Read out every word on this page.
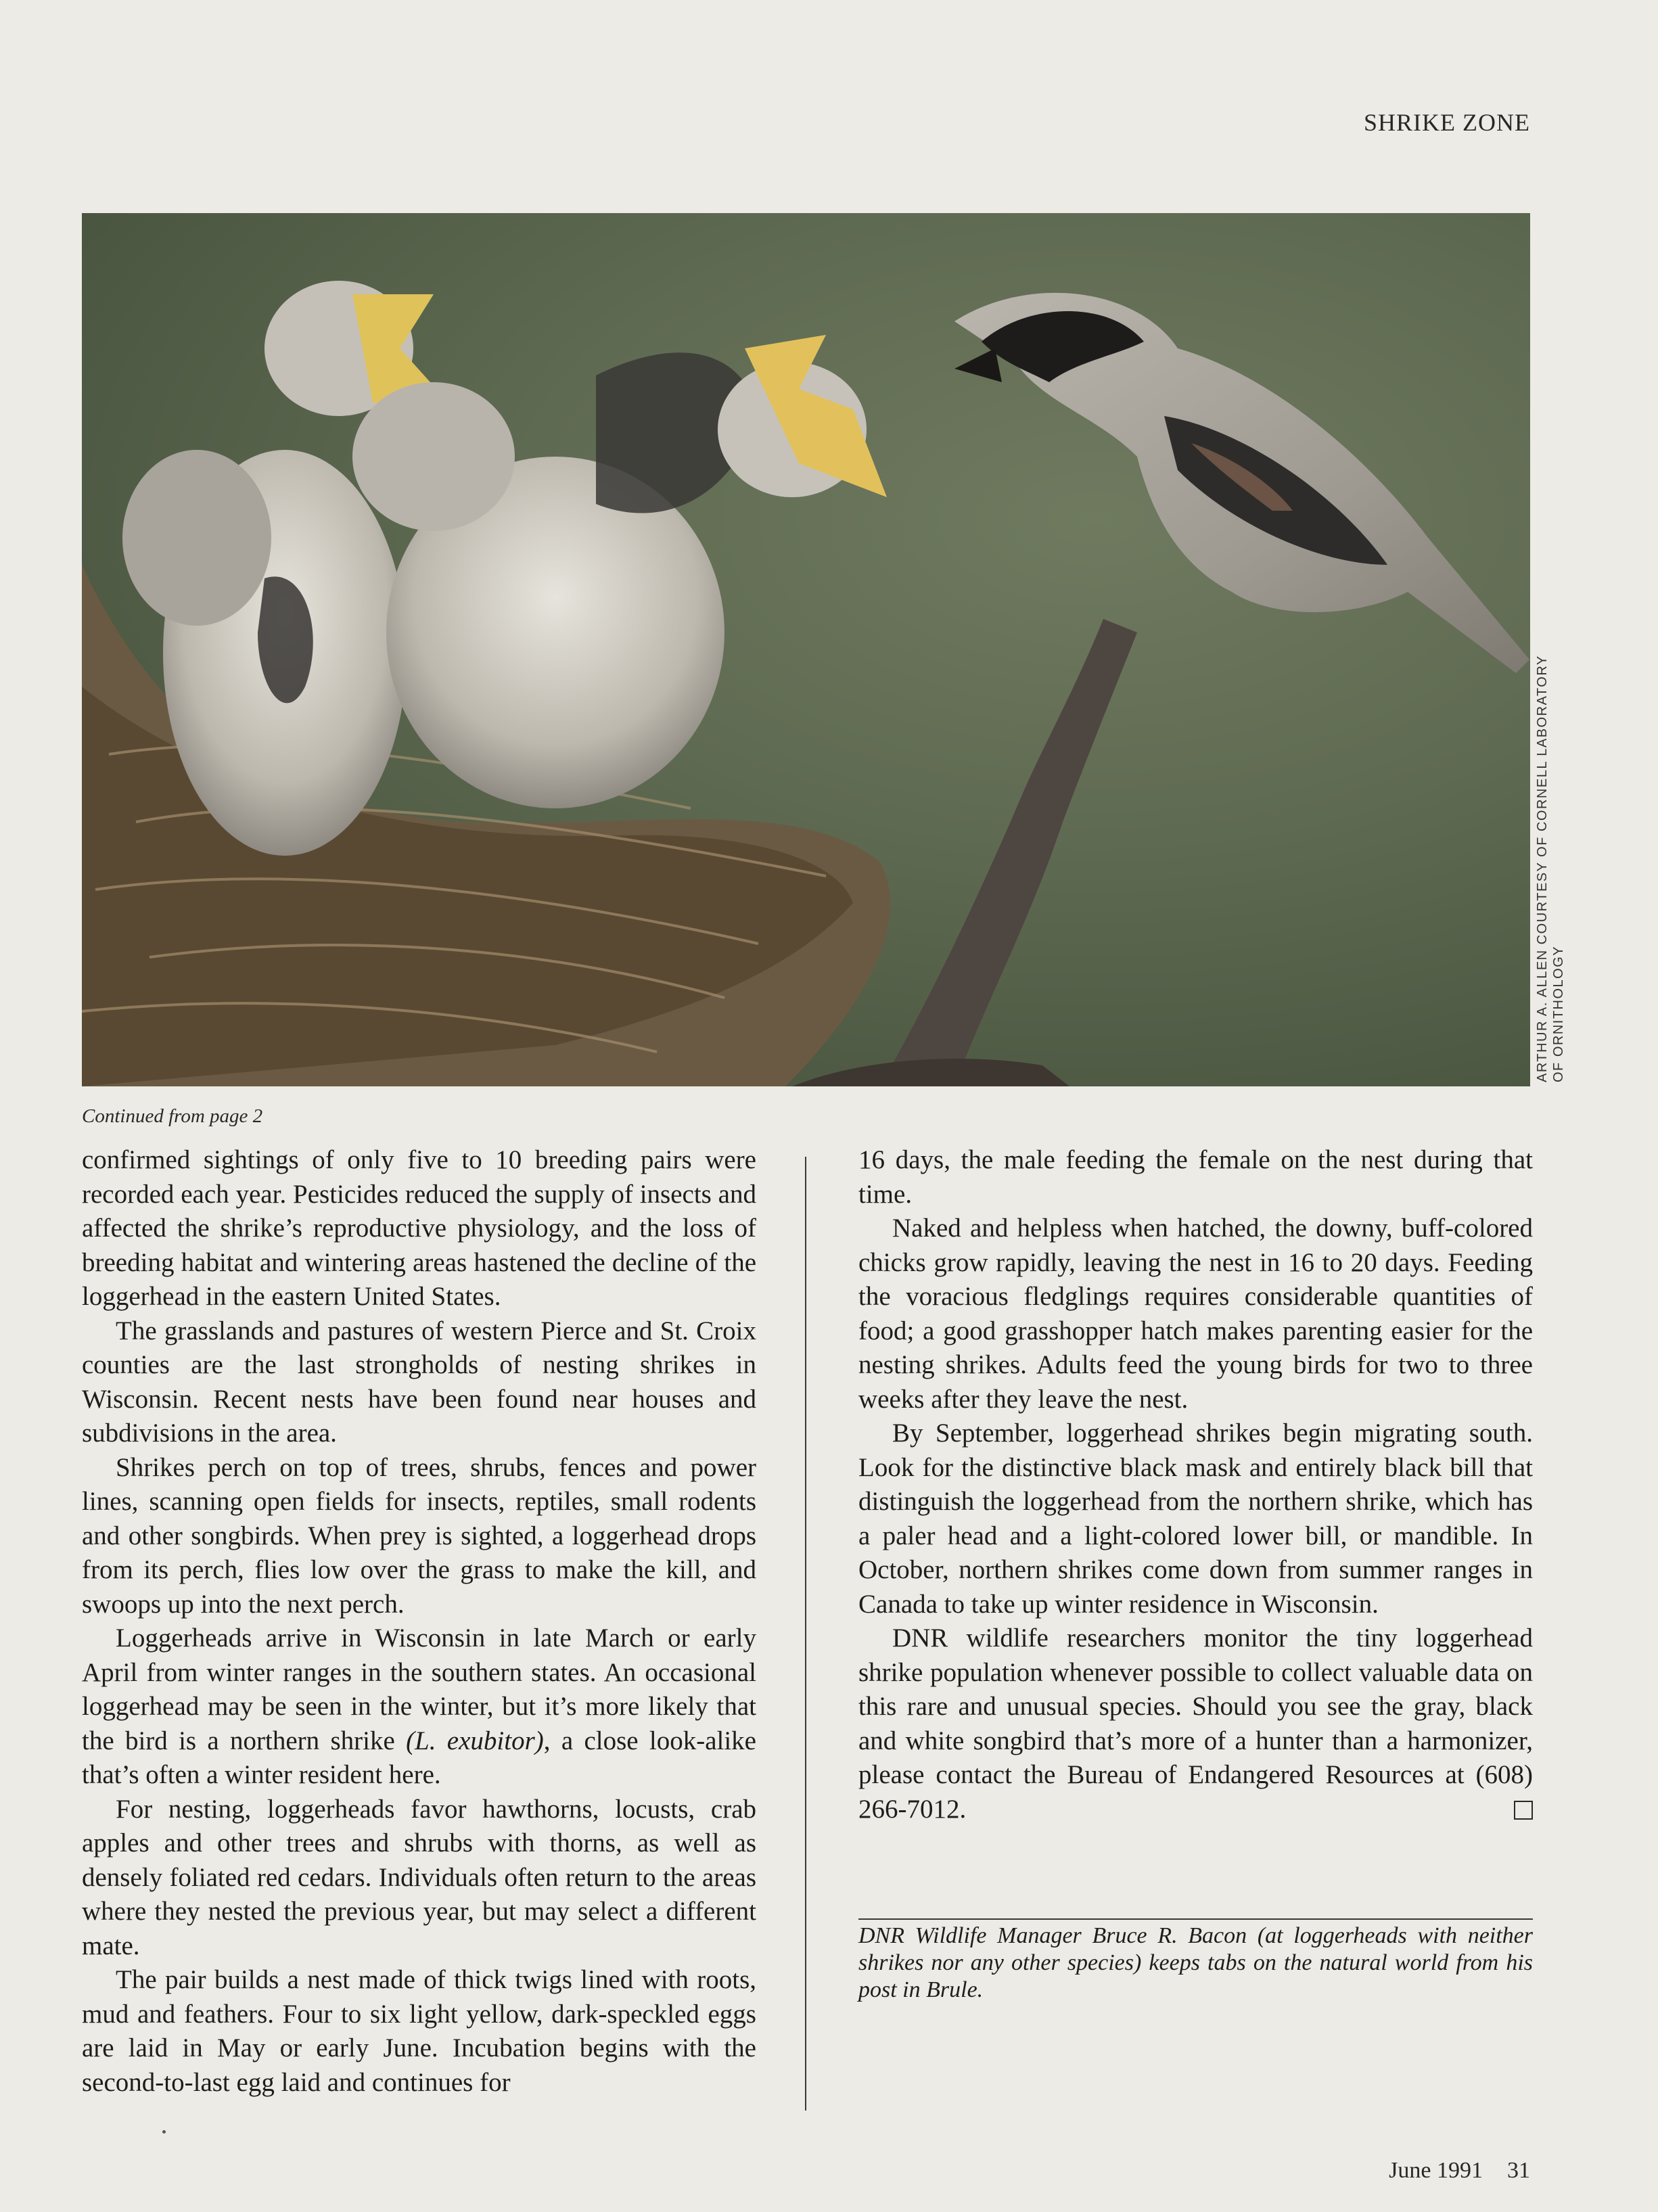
SHRIKE ZONE
ARTHUR A. ALLEN COURTESY OF CORNELL LABORATORY OF ORNITHOLOGY
Continued from page 2

confirmed sightings of only five to 10 breeding pairs were recorded each year. Pesticides reduced the supply of insects and affected the shrike’s reproductive physiology, and the loss of breeding habitat and wintering areas hastened the decline of the loggerhead in the eastern United States.

The grasslands and pastures of western Pierce and St. Croix counties are the last strongholds of nesting shrikes in Wisconsin. Recent nests have been found near houses and subdivisions in the area.

Shrikes perch on top of trees, shrubs, fences and power lines, scanning open fields for insects, reptiles, small rodents and other songbirds. When prey is sighted, a loggerhead drops from its perch, flies low over the grass to make the kill, and swoops up into the next perch.

Loggerheads arrive in Wisconsin in late March or early April from winter ranges in the southern states. An occasional loggerhead may be seen in the winter, but it’s more likely that the bird is a northern shrike (L. exubitor), a close look-alike that’s often a winter resident here.

For nesting, loggerheads favor hawthorns, locusts, crab apples and other trees and shrubs with thorns, as well as densely foliated red cedars. Individuals often return to the areas where they nested the previous year, but may select a different mate.

The pair builds a nest made of thick twigs lined with roots, mud and feathers. Four to six light yellow, dark-speckled eggs are laid in May or early June. Incubation begins with the second-to-last egg laid and continues for

16 days, the male feeding the female on the nest during that time.

Naked and helpless when hatched, the downy, buff-colored chicks grow rapidly, leaving the nest in 16 to 20 days. Feeding the voracious fledglings requires considerable quantities of food; a good grasshopper hatch makes parenting easier for the nesting shrikes. Adults feed the young birds for two to three weeks after they leave the nest.

By September, loggerhead shrikes begin migrating south. Look for the distinctive black mask and entirely black bill that distinguish the loggerhead from the northern shrike, which has a paler head and a light-colored lower bill, or mandible. In October, northern shrikes come down from summer ranges in Canada to take up winter residence in Wisconsin.

DNR wildlife researchers monitor the tiny loggerhead shrike population whenever possible to collect valuable data on this rare and unusual species. Should you see the gray, black and white songbird that’s more of a hunter than a harmonizer, please contact the Bureau of Endangered Resources at (608) 266-7012.

DNR Wildlife Manager Bruce R. Bacon (at loggerheads with neither shrikes nor any other species) keeps tabs on the natural world from his post in Brule.
June 1991 31
